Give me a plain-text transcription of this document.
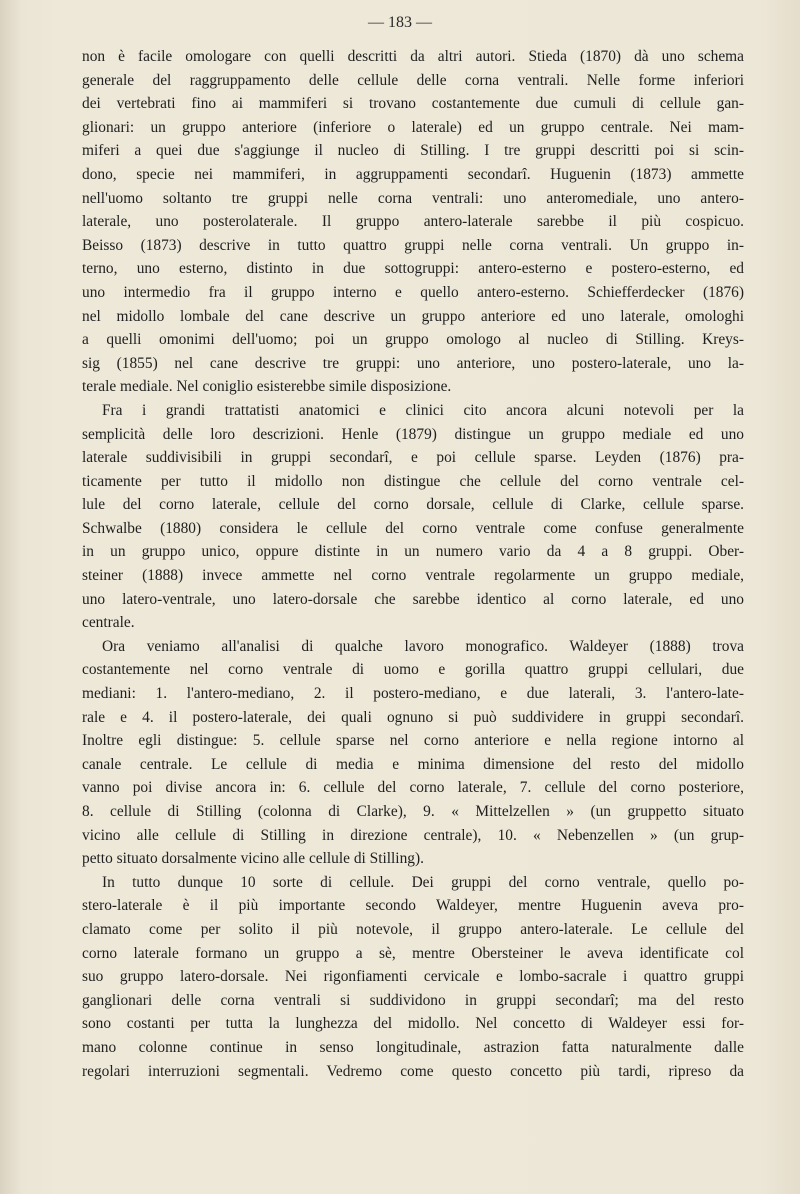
— 183 —
non è facile omologare con quelli descritti da altri autori. Stieda (1870) dà uno schema
generale del raggruppamento delle cellule delle corna ventrali. Nelle forme inferiori
dei vertebrati fino ai mammiferi si trovano costantemente due cumuli di cellule gan-
glionari: un gruppo anteriore (inferiore o laterale) ed un gruppo centrale. Nei mam-
miferi a quei due s'aggiunge il nucleo di Stilling. I tre gruppi descritti poi si scin-
dono, specie nei mammiferi, in aggruppamenti secondarî. Huguenin (1873) ammette
nell'uomo soltanto tre gruppi nelle corna ventrali: uno anteromediale, uno antero-
laterale, uno posterolaterale. Il gruppo antero-laterale sarebbe il più cospicuo.
Beisso (1873) descrive in tutto quattro gruppi nelle corna ventrali. Un gruppo in-
terno, uno esterno, distinto in due sottogruppi: antero-esterno e postero-esterno, ed
uno intermedio fra il gruppo interno e quello antero-esterno. Schiefferdecker (1876)
nel midollo lombale del cane descrive un gruppo anteriore ed uno laterale, omologhi
a quelli omonimi dell'uomo; poi un gruppo omologo al nucleo di Stilling. Kreys-
sig (1855) nel cane descrive tre gruppi: uno anteriore, uno postero-laterale, uno la-
terale mediale. Nel coniglio esisterebbe simile disposizione.
Fra i grandi trattatisti anatomici e clinici cito ancora alcuni notevoli per la
semplicità delle loro descrizioni. Henle (1879) distingue un gruppo mediale ed uno
laterale suddivisibili in gruppi secondarî, e poi cellule sparse. Leyden (1876) pra-
ticamente per tutto il midollo non distingue che cellule del corno ventrale cel-
lule del corno laterale, cellule del corno dorsale, cellule di Clarke, cellule sparse.
Schwalbe (1880) considera le cellule del corno ventrale come confuse generalmente
in un gruppo unico, oppure distinte in un numero vario da 4 a 8 gruppi. Ober-
steiner (1888) invece ammette nel corno ventrale regolarmente un gruppo mediale,
uno latero-ventrale, uno latero-dorsale che sarebbe identico al corno laterale, ed uno
centrale.
Ora veniamo all'analisi di qualche lavoro monografico. Waldeyer (1888) trova
costantemente nel corno ventrale di uomo e gorilla quattro gruppi cellulari, due
mediani: 1. l'antero-mediano, 2. il postero-mediano, e due laterali, 3. l'antero-late-
rale e 4. il postero-laterale, dei quali ognuno si può suddividere in gruppi secondarî.
Inoltre egli distingue: 5. cellule sparse nel corno anteriore e nella regione intorno al
canale centrale. Le cellule di media e minima dimensione del resto del midollo
vanno poi divise ancora in: 6. cellule del corno laterale, 7. cellule del corno posteriore,
8. cellule di Stilling (colonna di Clarke), 9. « Mittelzellen » (un gruppetto situato
vicino alle cellule di Stilling in direzione centrale), 10. « Nebenzellen » (un grup-
petto situato dorsalmente vicino alle cellule di Stilling).
In tutto dunque 10 sorte di cellule. Dei gruppi del corno ventrale, quello po-
stero-laterale è il più importante secondo Waldeyer, mentre Huguenin aveva pro-
clamato come per solito il più notevole, il gruppo antero-laterale. Le cellule del
corno laterale formano un gruppo a sè, mentre Obersteiner le aveva identificate col
suo gruppo latero-dorsale. Nei rigonfiamenti cervicale e lombo-sacrale i quattro gruppi
ganglionari delle corna ventrali si suddividono in gruppi secondarî; ma del resto
sono costanti per tutta la lunghezza del midollo. Nel concetto di Waldeyer essi for-
mano colonne continue in senso longitudinale, astrazion fatta naturalmente dalle
regolari interruzioni segmentali. Vedremo come questo concetto più tardi, ripreso da
